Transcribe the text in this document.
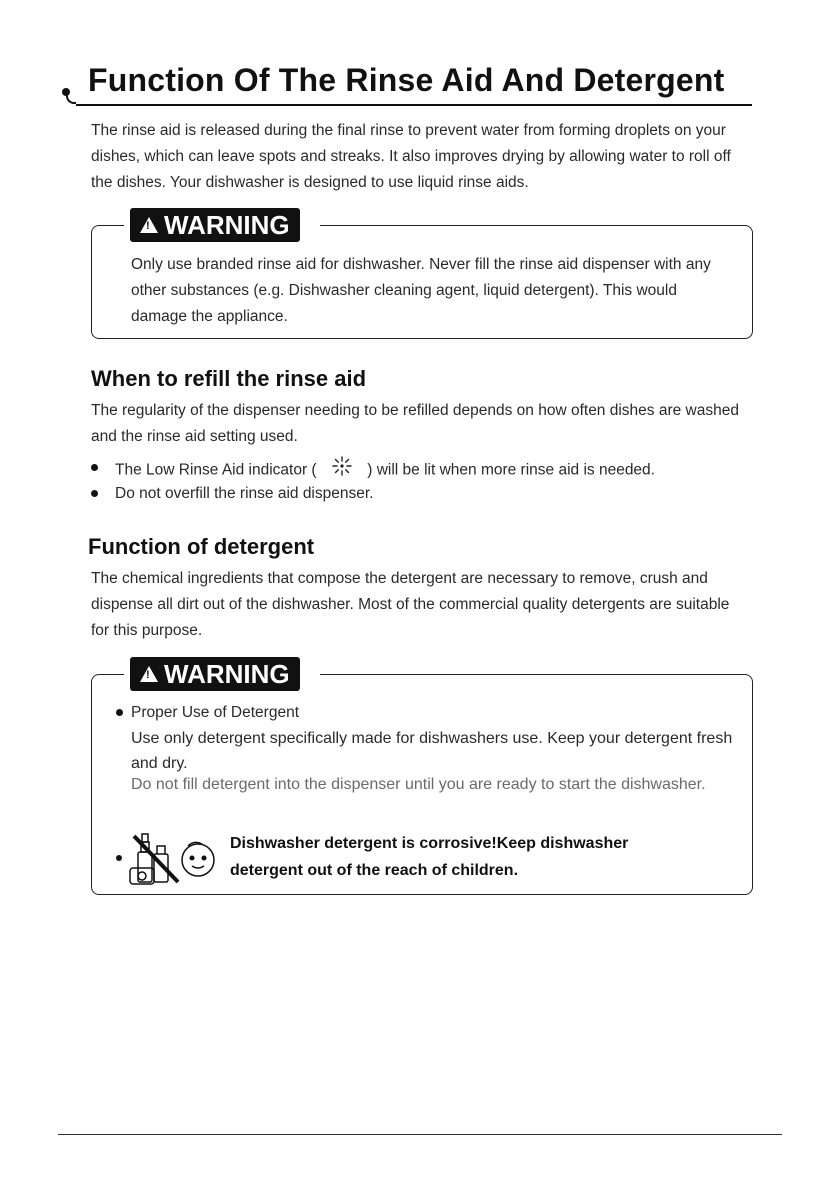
Function Of The Rinse Aid And Detergent

The rinse aid is released during the final rinse to prevent water from forming droplets on your dishes, which can leave spots and streaks. It also improves drying by allowing water to roll off the dishes. Your dishwasher is designed to use liquid rinse aids.

!
WARNING

Only use branded rinse aid for dishwasher. Never fill the rinse aid dispenser with any other substances (e.g. Dishwasher cleaning agent, liquid detergent). This would damage the appliance.

When to refill the rinse aid

The regularity of the dispenser needing to be refilled depends on how often dishes are washed and the rinse aid setting used.

The Low Rinse Aid indicator (	) will be lit when more rinse aid is needed.

Do not overfill the rinse aid dispenser.

Function of detergent

The chemical ingredients that compose the detergent are necessary to remove, crush and dispense all dirt out of the dishwasher. Most of the commercial quality detergents are suitable for this purpose.

!
WARNING

Proper Use of Detergent

Use only detergent specifically made for dishwashers use. Keep your detergent fresh and dry.

Do not fill detergent into the dispenser until you are ready to start the dishwasher.

Dishwasher detergent is corrosive!Keep dishwasher

detergent out of the reach of children.
